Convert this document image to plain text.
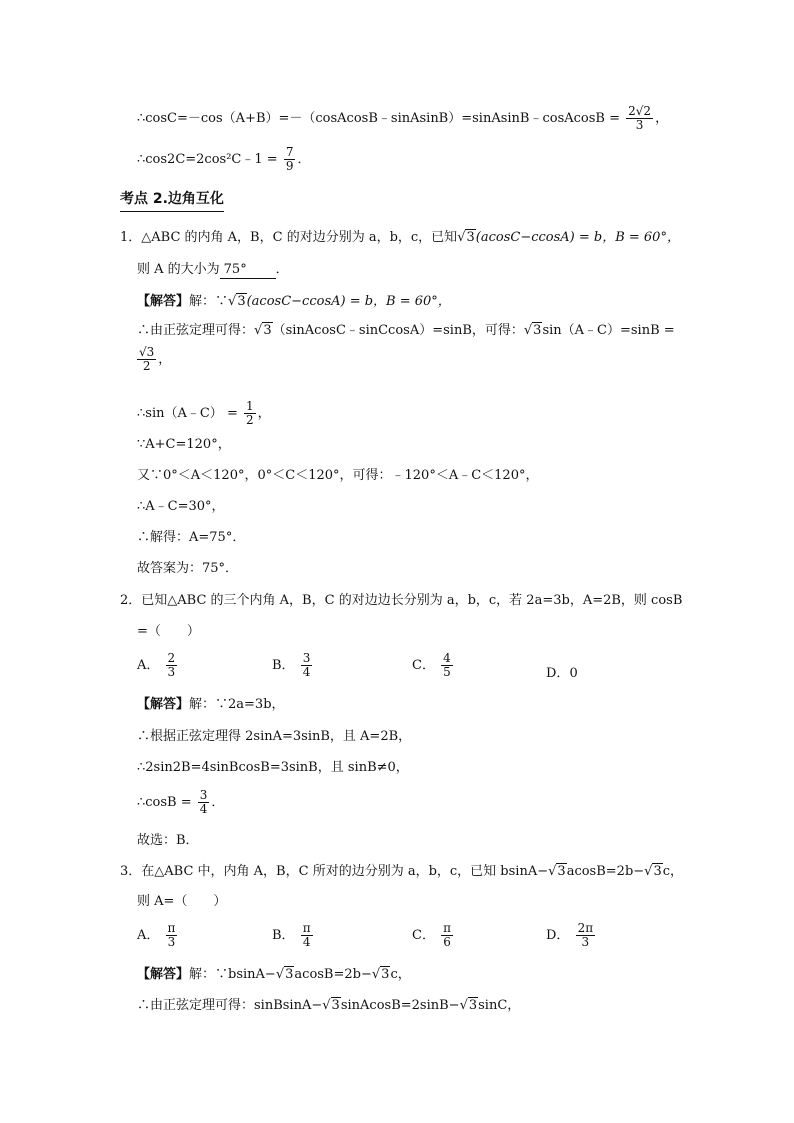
∴cosC=－cos（A+B）=－（cosAcosB﹣sinAsinB）=sinAsinB﹣cosAcosB = $\frac{2√2}{3}$ ，
∴cos2C=2cos²C﹣1 = $\frac{7}{9}$ ．
考点 2.边角互化
1．△ABC 的内角 A，B，C 的对边分别为 a，b，c，已知√3(acosC−ccosA) = b，B = 60°，
则 A 的大小为 75° ．
【解答】解：∵√3(acosC−ccosA) = b，B = 60°，
∴由正弦定理可得：√3（sinAcosC﹣sinCcosA）=sinB，可得：√3sin（A﹣C）=sinB =
$\frac{√3}{2}$ ，
∴sin（A﹣C） = $\frac{1}{2}$ ，
∵A+C=120°，
又∵0°＜A＜120°，0°＜C＜120°，可得：﹣120°＜A﹣C＜120°，
∴A﹣C=30°，
∴解得：A=75°．
故答案为：75°．
2．已知△ABC 的三个内角 A，B，C 的对边边长分别为 a，b，c，若 2a=3b，A=2B，则 cosB
=（　　）
A． $\frac{2}{3}$	B． $\frac{3}{4}$	C． $\frac{4}{5}$	D．0
【解答】解：∵2a=3b，
∴根据正弦定理得 2sinA=3sinB，且 A=2B，
∴2sin2B=4sinBcosB=3sinB，且 sinB≠0，
∴cosB = $\frac{3}{4}$ ．
故选：B．
3．在△ABC 中，内角 A，B，C 所对的边分别为 a，b，c，已知 bsinA−√3acosB=2b−√3c，
则 A=（　　）
A． $\frac{\pi}{3}$	B． $\frac{\pi}{4}$	C． $\frac{\pi}{6}$	D． $\frac{2\pi}{3}$
【解答】解：∵bsinA−√3acosB=2b−√3c，
∴由正弦定理可得：sinBsinA−√3sinAcosB=2sinB−√3sinC，
